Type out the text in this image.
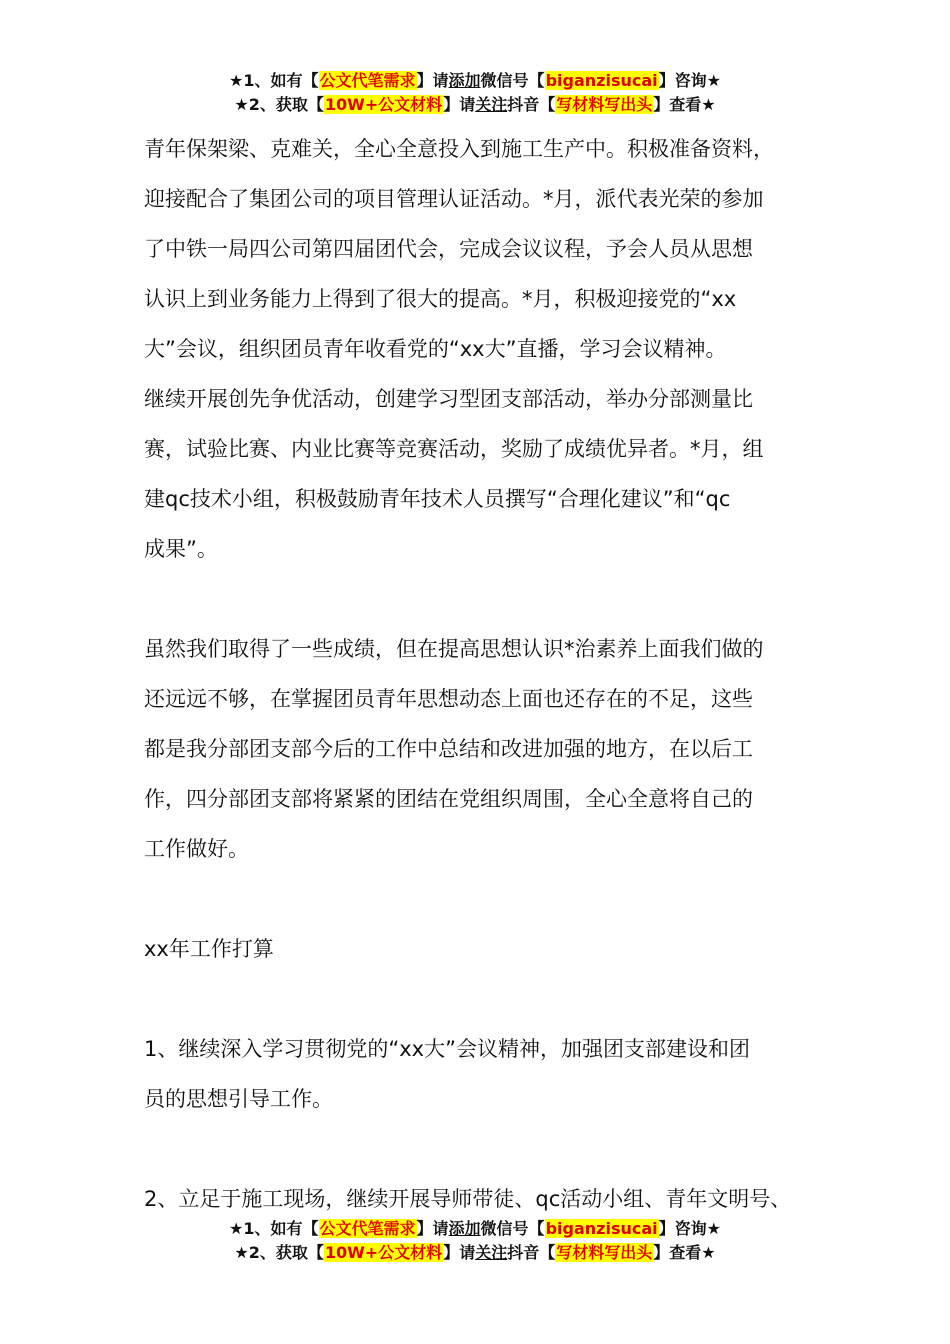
★1、如有【公文代笔需求】请添加微信号【biganzisucai】咨询★
★2、获取【10W+公文材料】请关注抖音【写材料写出头】查看★

青年保架梁、克难关，全心全意投入到施工生产中。积极准备资料，

迎接配合了集团公司的项目管理认证活动。*月，派代表光荣的参加

了中铁一局四公司第四届团代会，完成会议议程，予会人员从思想

认识上到业务能力上得到了很大的提高。*月，积极迎接党的“xx

大”会议，组织团员青年收看党的“xx大”直播，学习会议精神。

继续开展创先争优活动，创建学习型团支部活动，举办分部测量比

赛，试验比赛、内业比赛等竞赛活动，奖励了成绩优异者。*月，组

建qc技术小组，积极鼓励青年技术人员撰写“合理化建议”和“qc

成果”。

虽然我们取得了一些成绩，但在提高思想认识*治素养上面我们做的

还远远不够，在掌握团员青年思想动态上面也还存在的不足，这些

都是我分部团支部今后的工作中总结和改进加强的地方，在以后工

作，四分部团支部将紧紧的团结在党组织周围，全心全意将自己的

工作做好。

xx年工作打算

1、继续深入学习贯彻党的“xx大”会议精神，加强团支部建设和团

员的思想引导工作。

2、立足于施工现场，继续开展导师带徒、qc活动小组、青年文明号、

★1、如有【公文代笔需求】请添加微信号【biganzisucai】咨询★
★2、获取【10W+公文材料】请关注抖音【写材料写出头】查看★
